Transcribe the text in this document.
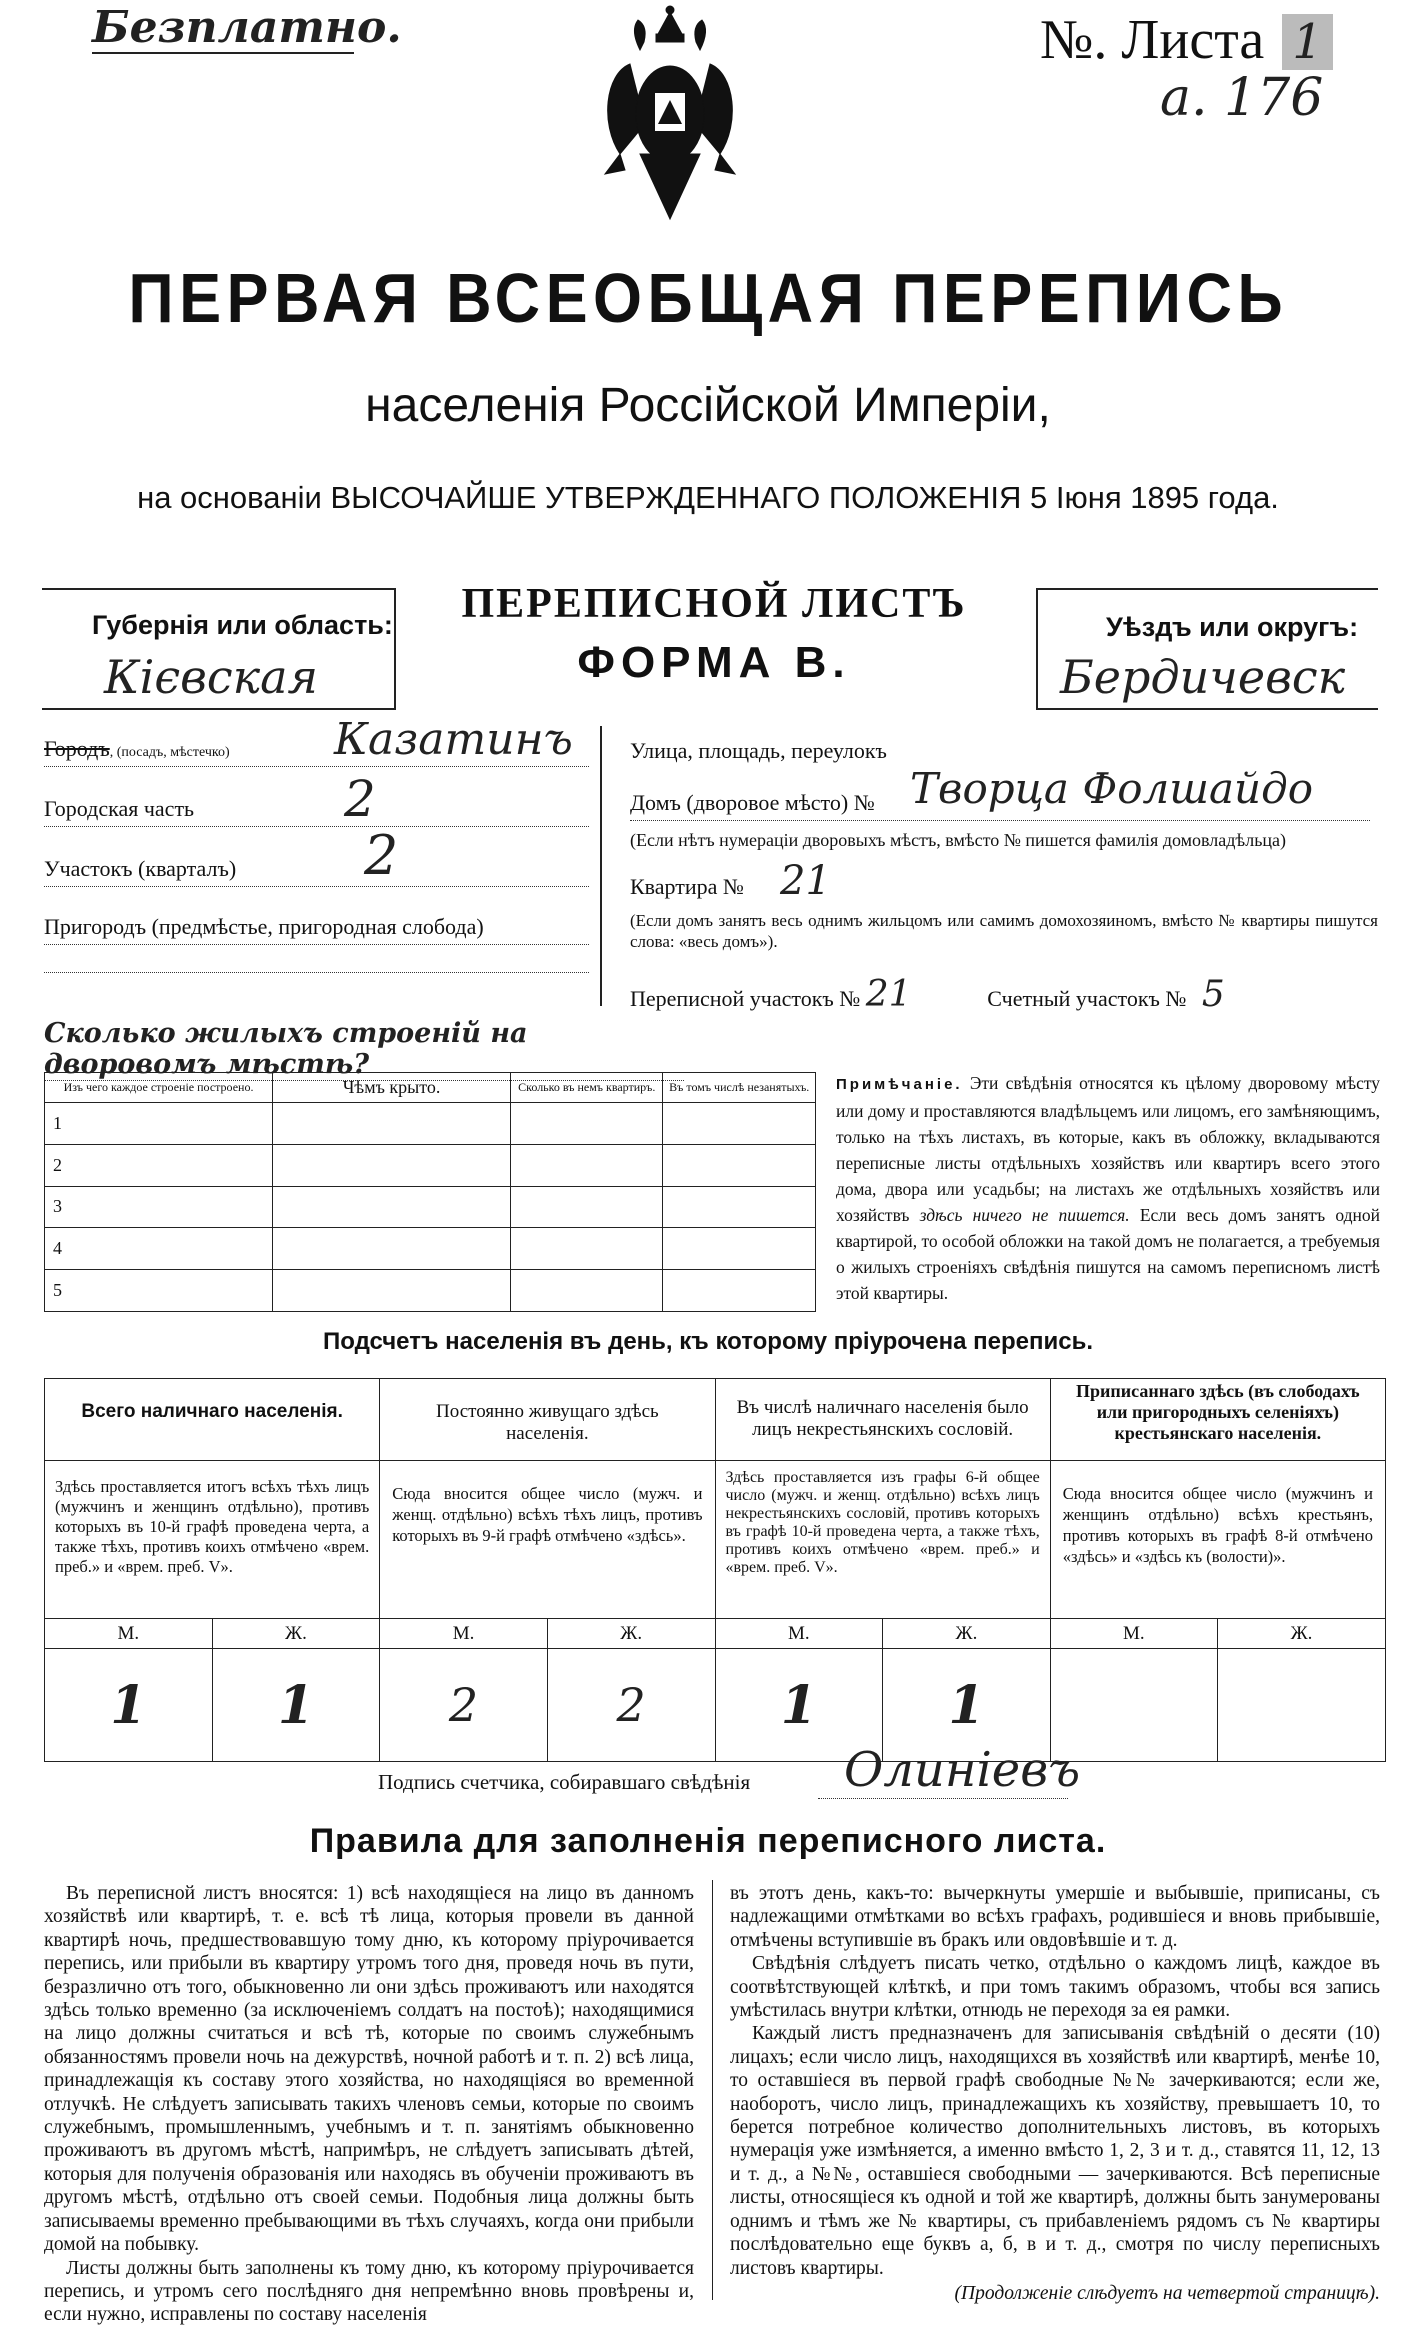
Безплатно.	№. Листа 1
а. 176
ПЕРВАЯ ВСЕОБЩАЯ ПЕРЕПИСЬ
населенія Россійской Имперіи,
на основаніи ВЫСОЧАЙШЕ УТВЕРЖДЕННАГО ПОЛОЖЕНІЯ 5 Іюня 1895 года.
Губернія или область:
Кієвская
ПЕРЕПИСНОЙ ЛИСТЪ
ФОРМА В.
Уѣздъ или округъ:
Бердичевск
Городъ, (посадъ, мѣстечко) Казатинъ
Городская часть	2
Участокъ (кварталъ) 2
Пригородъ (предмѣстье, пригородная слобода)
Улица, площадь, переулокъ
Домъ (дворовое мѣсто) № Творца Фолшайдо
(Если нѣтъ нумерацiи дворовыхъ мѣстъ, вмѣсто № пишется фамилія домовладѣльца)
Квартира № 21
(Если домъ занятъ весь однимъ жильцомъ или самимъ домохозяиномъ, вмѣсто № квартиры пишутся слова: «весь домъ»).
Переписной участокъ № 21	Счетный участокъ № 5
Сколько жилыхъ строеній на дворовомъ мѣстѣ?
Изъ чего каждое строеніе построено.	Чѣмъ крыто.	Сколько въ немъ квартиръ.	Въ томъ числѣ незанятыхъ.
1			
2			
3			
4			
5			
Примѣчаніе. Эти свѣдѣнія относятся къ цѣлому дворовому мѣсту или дому и проставляются владѣльцемъ или лицомъ, его замѣняющимъ, только на тѣхъ листахъ, въ которые, какъ въ обложку, вкладываются переписные листы отдѣльныхъ хозяйствъ или квартиръ всего этого дома, двора или усадьбы; на листахъ же отдѣльныхъ хозяйствъ или хозяйствъ здѣсь ничего не пишется. Если весь домъ занятъ одной квартирой, то особой обложки на такой домъ не полагается, а требуемыя о жилыхъ строеніяхъ свѣдѣнія пишутся на самомъ переписномъ листѣ этой квартиры.
Подсчетъ населенія въ день, къ которому пріурочена перепись.
Всего наличнаго населенія.		Постоянно живущаго здѣсь населенія.		Въ числѣ наличнаго населенія было лицъ некрестьянскихъ сословій.		Приписаннаго здѣсь (въ слободахъ или пригородныхъ селеніяхъ) крестьянскаго населенія.	
Здѣсь проставляется итогъ всѣхъ тѣхъ лицъ (мужчинъ и женщинъ отдѣльно), противъ которыхъ въ 10-й графѣ проведена черта, а также тѣхъ, противъ коихъ отмѣчено «врем. преб.» и «врем. преб. V».		Сюда вносится общее число (мужч. и женщ. отдѣльно) всѣхъ тѣхъ лицъ, противъ которыхъ въ 9-й графѣ отмѣчено «здѣсь».		Здѣсь проставляется изъ графы 6-й общее число (мужч. и женщ. отдѣльно) всѣхъ лицъ некрестьянскихъ сословій, противъ которыхъ въ графѣ 10-й проведена черта, а также тѣхъ, противъ коихъ отмѣчено «врем. преб.» и «врем. преб. V».		Сюда вносится общее число (мужчинъ и женщинъ отдѣльно) всѣхъ крестьянъ, противъ которыхъ въ графѣ 8-й отмѣчено «здѣсь» и «здѣсь къ (волости)».	
М.	Ж.	М.	Ж.	М.	Ж.	М.	Ж.
1	1	2	2	1	1		
Подпись счетчика, собиравшаго свѣдѣнія Олиніевъ
Правила для заполненія переписного листа.

Въ переписной листъ вносятся: 1) всѣ находящіеся на лицо въ данномъ хозяйствѣ или квартирѣ, т. е. всѣ тѣ лица, которыя провели въ данной квартирѣ ночь, предшествовавшую тому дню, къ которому пріурочивается перепись, или прибыли въ квартиру утромъ того дня, проведя ночь въ пути, безразлично отъ того, обыкновенно ли они здѣсь проживаютъ или находятся здѣсь только временно (за исключеніемъ солдатъ на постоѣ); находящимися на лицо должны считаться и всѣ тѣ, которые по своимъ служебнымъ обязанностямъ провели ночь на дежурствѣ, ночной работѣ и т. п. 2) всѣ лица, принадлежащія къ составу этого хозяйства, но находящіяся во временной отлучкѣ. Не слѣдуетъ записывать такихъ членовъ семьи, которые по своимъ служебнымъ, промышленнымъ, учебнымъ и т. п. занятіямъ обыкновенно проживаютъ въ другомъ мѣстѣ, напримѣръ, не слѣдуетъ записывать дѣтей, которыя для полученія образованія или находясь въ обученіи проживаютъ въ другомъ мѣстѣ, отдѣльно отъ своей семьи. Подобныя лица должны быть записываемы временно пребывающими въ тѣхъ случаяхъ, когда они прибыли домой на побывку.

Листы должны быть заполнены къ тому дню, къ которому пріурочивается перепись, и утромъ сего послѣдняго дня непремѣнно вновь провѣрены и, если нужно, исправлены по составу населенія

въ этотъ день, какъ-то: вычеркнуты умершіе и выбывшіе, приписаны, съ надлежащими отмѣтками во всѣхъ графахъ, родившіеся и вновь прибывшіе, отмѣчены вступившіе въ бракъ или овдовѣвшіе и т. д.

Свѣдѣнія слѣдуетъ писать четко, отдѣльно о каждомъ лицѣ, каждое въ соотвѣтствующей клѣткѣ, и при томъ такимъ образомъ, чтобы вся запись умѣстилась внутри клѣтки, отнюдь не переходя за ея рамки.

Каждый листъ предназначенъ для записыванія свѣдѣній о десяти (10) лицахъ; если число лицъ, находящихся въ хозяйствѣ или квартирѣ, менѣе 10, то оставшіеся въ первой графѣ свободные №№ зачеркиваются; если же, наоборотъ, число лицъ, принадлежащихъ къ хозяйству, превышаетъ 10, то берется потребное количество дополнительныхъ листовъ, въ которыхъ нумерація уже измѣняется, а именно вмѣсто 1, 2, 3 и т. д., ставятся 11, 12, 13 и т. д., а №№, оставшіеся свободными — зачеркиваются. Всѣ переписные листы, относящіеся къ одной и той же квартирѣ, должны быть занумерованы однимъ и тѣмъ же № квартиры, съ прибавленіемъ рядомъ съ № квартиры послѣдовательно еще буквъ а, б, в и т. д., смотря по числу переписныхъ листовъ квартиры.

(Продолженіе слѣдуетъ на четвертой страницѣ).
